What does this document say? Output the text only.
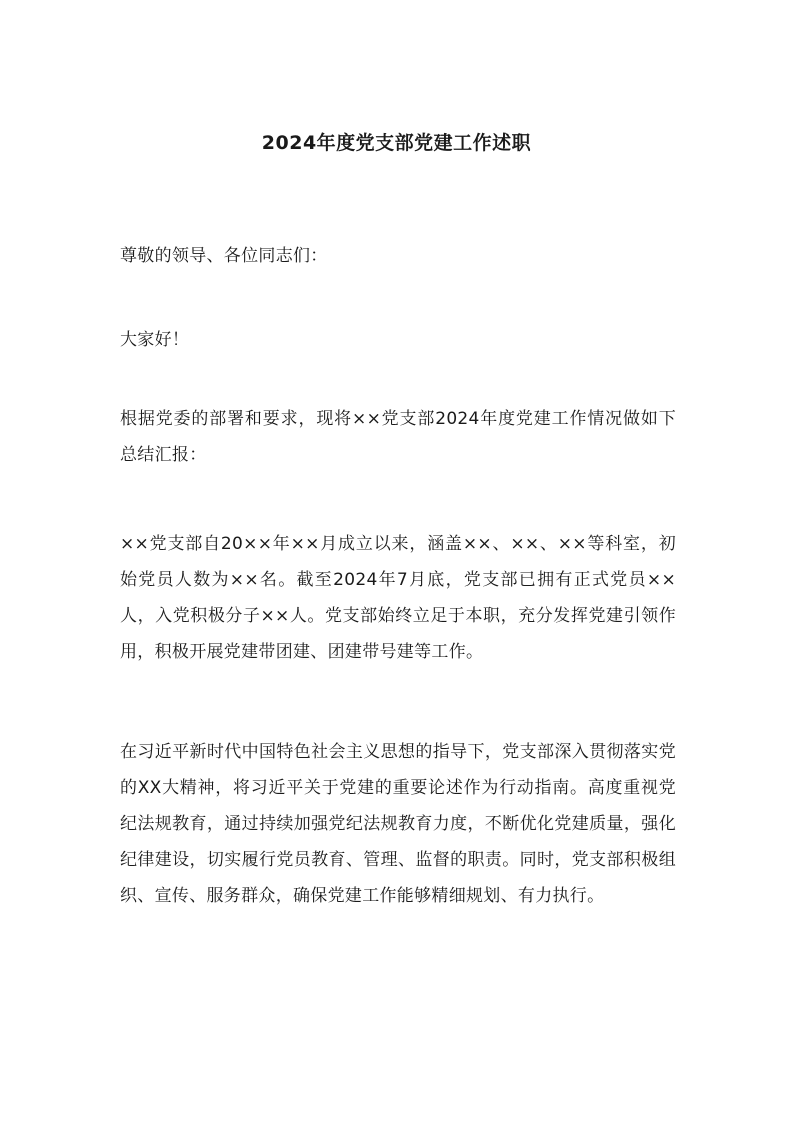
2024年度党支部党建工作述职

尊敬的领导、各位同志们：

大家好！

根据党委的部署和要求，现将××党支部2024年度党建工作情况做如下总结汇报：

××党支部自20××年××月成立以来，涵盖××、××、××等科室，初始党员人数为××名。截至2024年7月底，党支部已拥有正式党员××人，入党积极分子××人。党支部始终立足于本职，充分发挥党建引领作用，积极开展党建带团建、团建带号建等工作。

在习近平新时代中国特色社会主义思想的指导下，党支部深入贯彻落实党的XX大精神，将习近平关于党建的重要论述作为行动指南。高度重视党纪法规教育，通过持续加强党纪法规教育力度，不断优化党建质量，强化纪律建设，切实履行党员教育、管理、监督的职责。同时，党支部积极组织、宣传、服务群众，确保党建工作能够精细规划、有力执行。
